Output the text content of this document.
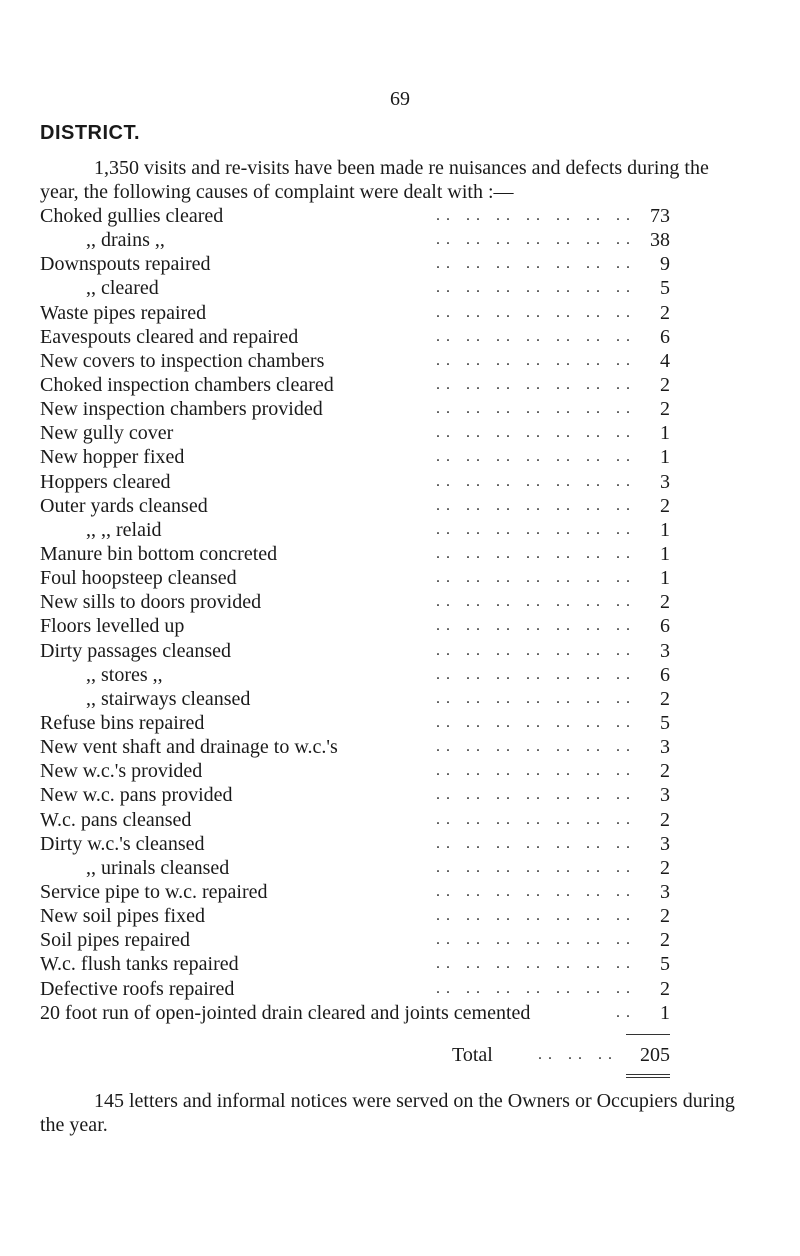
69
DISTRICT.
1,350 visits and re-visits have been made re nuisances and defects during the
year, the following causes of complaint were dealt with :—
Choked gullies cleared	.. .. .. .. .. .. .. 73
,, drains ,,	.. .. .. .. .. .. .. 38
Downspouts repaired	.. .. .. .. .. .. ..	9
,, cleared	.. .. .. .. .. .. ..	5
Waste pipes repaired	.. .. .. .. .. .. ..	2
Eavespouts cleared and repaired	.. .. .. .. .. .. ..	6
New covers to inspection chambers	.. .. .. .. .. .. ..	4
Choked inspection chambers cleared	.. .. .. .. .. .. ..	2
New inspection chambers provided	.. .. .. .. .. .. ..	2
New gully cover	.. .. .. .. .. .. ..	1
New hopper fixed	.. .. .. .. .. .. ..	1
Hoppers cleared	.. .. .. .. .. .. ..	3
Outer yards cleansed	.. .. .. .. .. .. ..	2
,, ,, relaid	.. .. .. .. .. .. ..	1
Manure bin bottom concreted	.. .. .. .. .. .. ..	1
Foul hoopsteep cleansed	.. .. .. .. .. .. ..	1
New sills to doors provided	.. .. .. .. .. .. ..	2
Floors levelled up	.. .. .. .. .. .. ..	6
Dirty passages cleansed	.. .. .. .. .. .. ..	3
,, stores ,,	.. .. .. .. .. .. ..	6
,, stairways cleansed	.. .. .. .. .. .. ..	2
Refuse bins repaired	.. .. .. .. .. .. ..	5
New vent shaft and drainage to w.c.'s	.. .. .. .. .. .. ..	3
New w.c.'s provided	.. .. .. .. .. .. ..	2
New w.c. pans provided	.. .. .. .. .. .. ..	3
W.c. pans cleansed	.. .. .. .. .. .. ..	2
Dirty w.c.'s cleansed	.. .. .. .. .. .. ..	3
,, urinals cleansed	.. .. .. .. .. .. ..	2
Service pipe to w.c. repaired	.. .. .. .. .. .. ..	3
New soil pipes fixed	.. .. .. .. .. .. ..	2
Soil pipes repaired	.. .. .. .. .. .. ..	2
W.c. flush tanks repaired	.. .. .. .. .. .. ..	5
Defective roofs repaired	.. .. .. .. .. .. ..	2
20 foot run of open-jointed drain cleared and joints cemented	..	1
Total	.. .. .. 205
145 letters and informal notices were served on the Owners or Occupiers during
the year.
